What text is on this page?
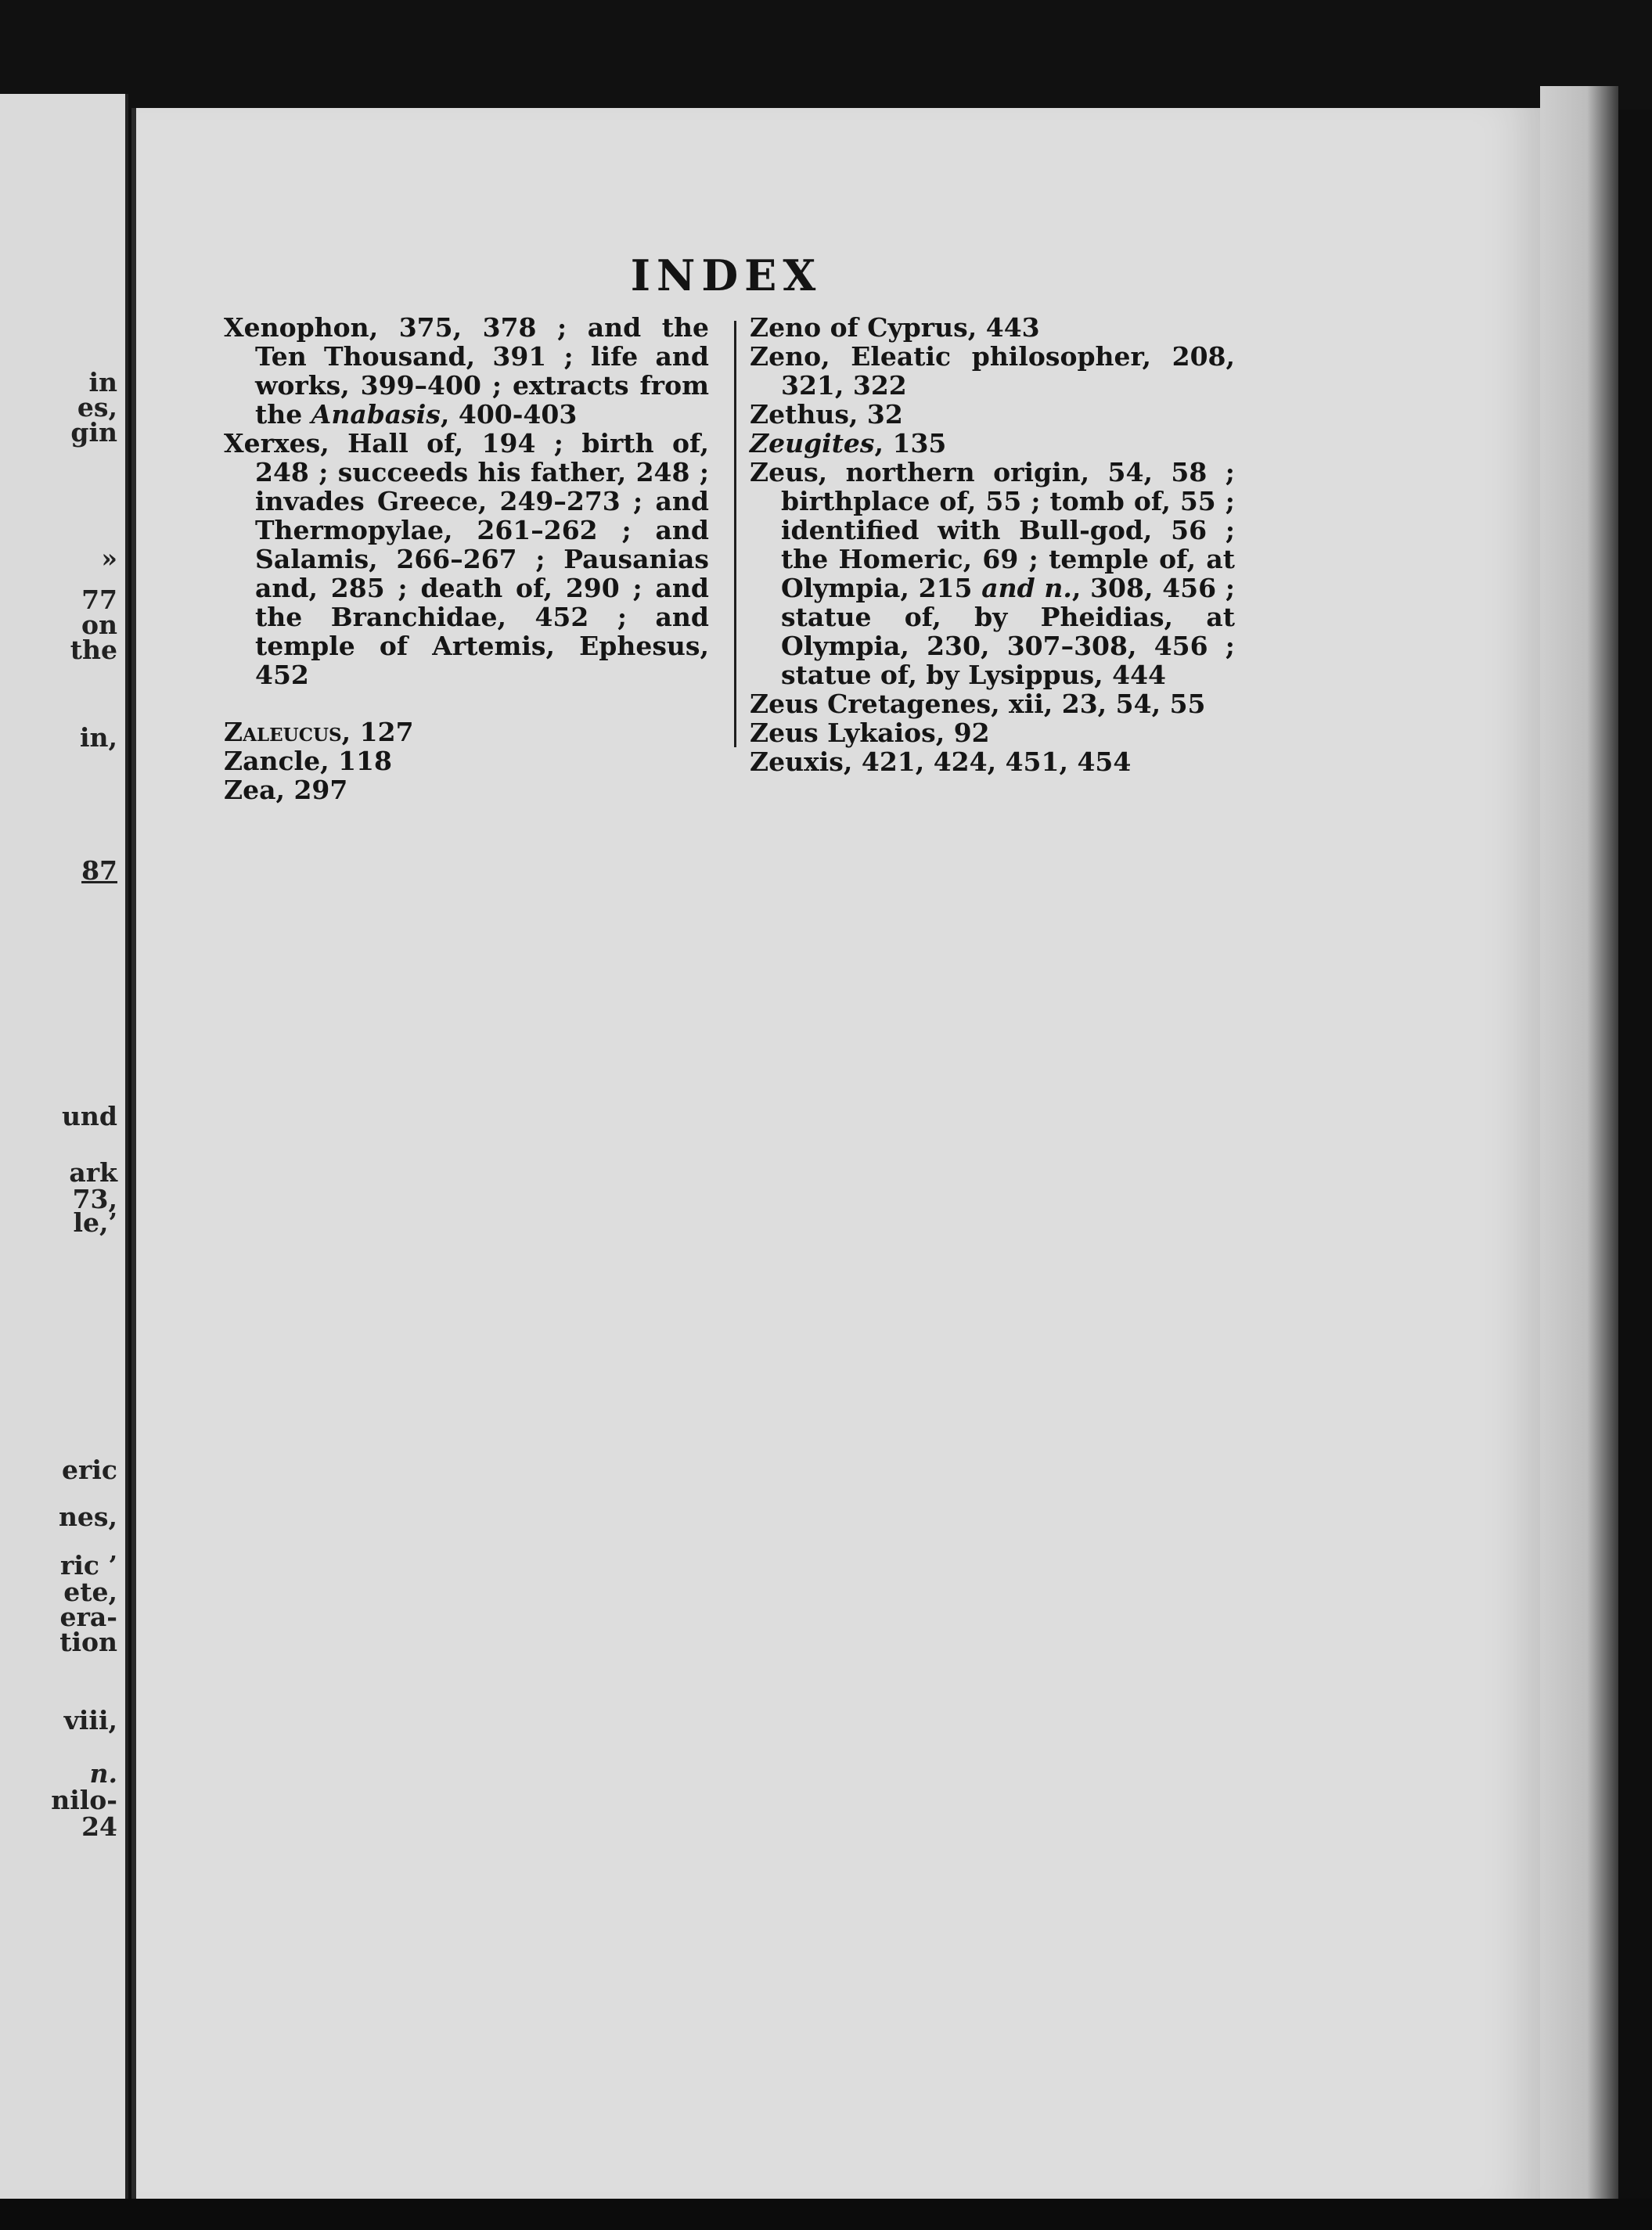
in
es,
gin
»
77
on
the
in,
87
und
ark
73,
le,’
eric
nes,
ric ’
ete,
era-
tion
viii,
n.
nilo-
24
INDEX

Xenophon, 375, 378 ; and the Ten Thousand, 391 ; life and works, 399–400 ; extracts from the Anabasis, 400-403

Xerxes, Hall of, 194 ; birth of, 248 ; succeeds his father, 248 ; invades Greece, 249–273 ; and Thermopylae, 261–262 ; and Salamis, 266–267 ; Pausanias and, 285 ; death of, 290 ; and the Branchidae, 452 ; and temple of Artemis, Ephesus, 452

Zaleucus, 127

Zancle, 118

Zea, 297

Zeno of Cyprus, 443

Zeno, Eleatic philosopher, 208, 321, 322

Zethus, 32

Zeugites, 135

Zeus, northern origin, 54, 58 ; birthplace of, 55 ; tomb of, 55 ; identified with Bull-god, 56 ; the Homeric, 69 ; temple of, at Olympia, 215 and n., 308, 456 ; statue of, by Pheidias, at Olympia, 230, 307–308, 456 ; statue of, by Lysippus, 444

Zeus Cretagenes, xii, 23, 54, 55

Zeus Lykaios, 92

Zeuxis, 421, 424, 451, 454
